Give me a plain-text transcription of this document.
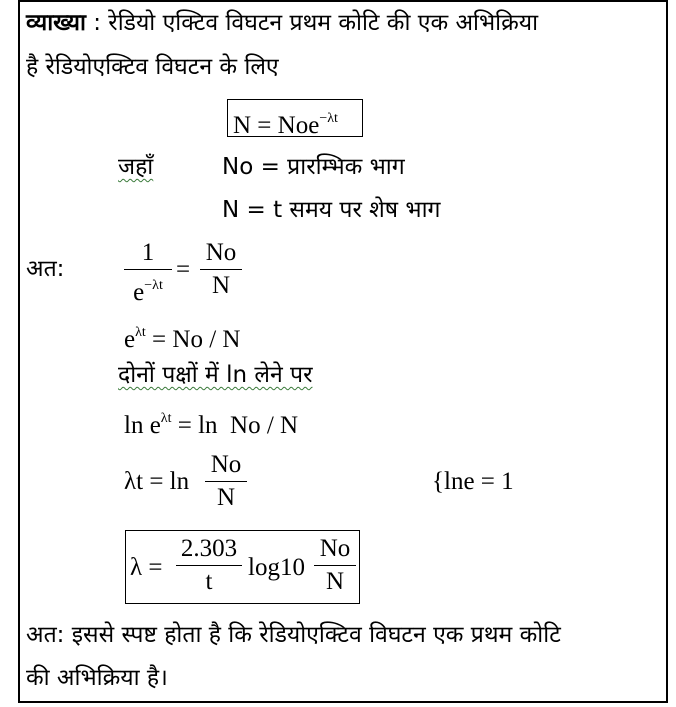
व्याख्या : रेडियो एक्टिव विघटन प्रथम कोटि की एक अभिक्रिया
है रेडियोएक्टिव विघटन के लिए
N = Noe$^{-\lambda t}$
जहाँ	No = प्रारम्भिक भाग
N = t समय पर शेष भाग
अत:
1
$e^{-\lambda t}$
=
No
N
$e^{\lambda t} = No / N$
दोनों पक्षों में ln लेने पर
$\ln e^{\lambda t} = \ln No / N$
λt = ln
No
N
{lne = 1
λ =
2.303
t
log10
No
N
अत: इससे स्पष्ट होता है कि रेडियोएक्टिव विघटन एक प्रथम कोटि
की अभिक्रिया है।
